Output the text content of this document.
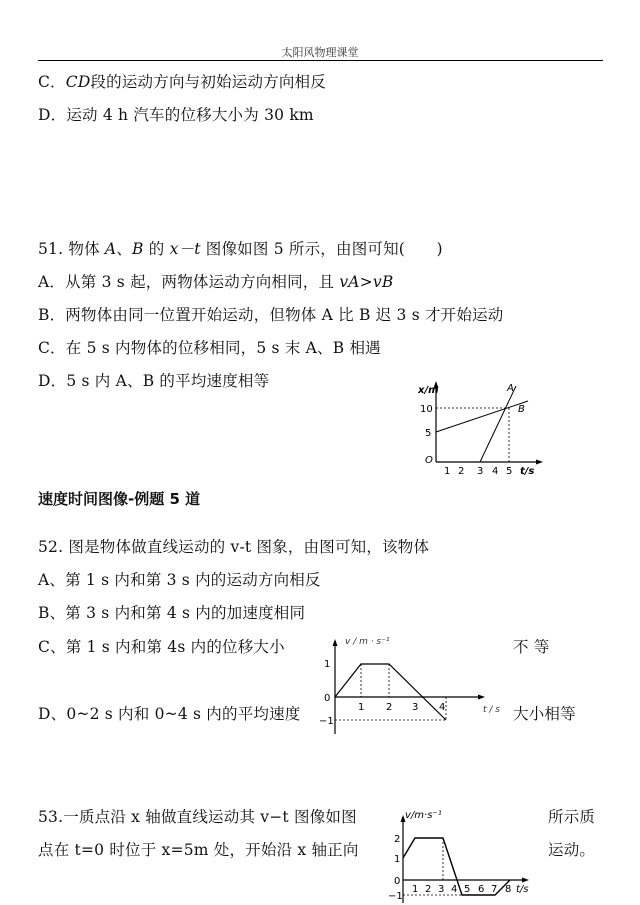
太阳风物理课堂
C．CD段的运动方向与初始运动方向相反
D．运动 4 h 汽车的位移大小为 30 km
51. 物体 A、B 的 x－t 图像如图 5 所示，由图可知(　　)
A．从第 3 s 起，两物体运动方向相同，且 vA>vB
B．两物体由同一位置开始运动，但物体 A 比 B 迟 3 s 才开始运动
C．在 5 s 内物体的位移相同，5 s 末 A、B 相遇
D．5 s 内 A、B 的平均速度相等
x/m
10
5
O
1 2 3 4 5 t/s
A
B
速度时间图像-例题 5 道
52. 图是物体做直线运动的 v-t 图象，由图可知，该物体
A、第 1 s 内和第 3 s 内的运动方向相反
B、第 3 s 内和第 4 s 内的加速度相同
C、第 1 s 内和第 4s 内的位移大小	不 等
D、0~2 s 内和 0~4 s 内的平均速度	大小相等
v / m · s⁻¹
1
0
−1
1 2 3 4	t / s
53.一质点沿 x 轴做直线运动其 v−t 图像如图	所示质
点在 t=0 时位于 x=5m 处，开始沿 x 轴正向	运动。
v/m·s⁻¹
2
1
0
−1
1 2 3 4 5 6 7 8 t/s
